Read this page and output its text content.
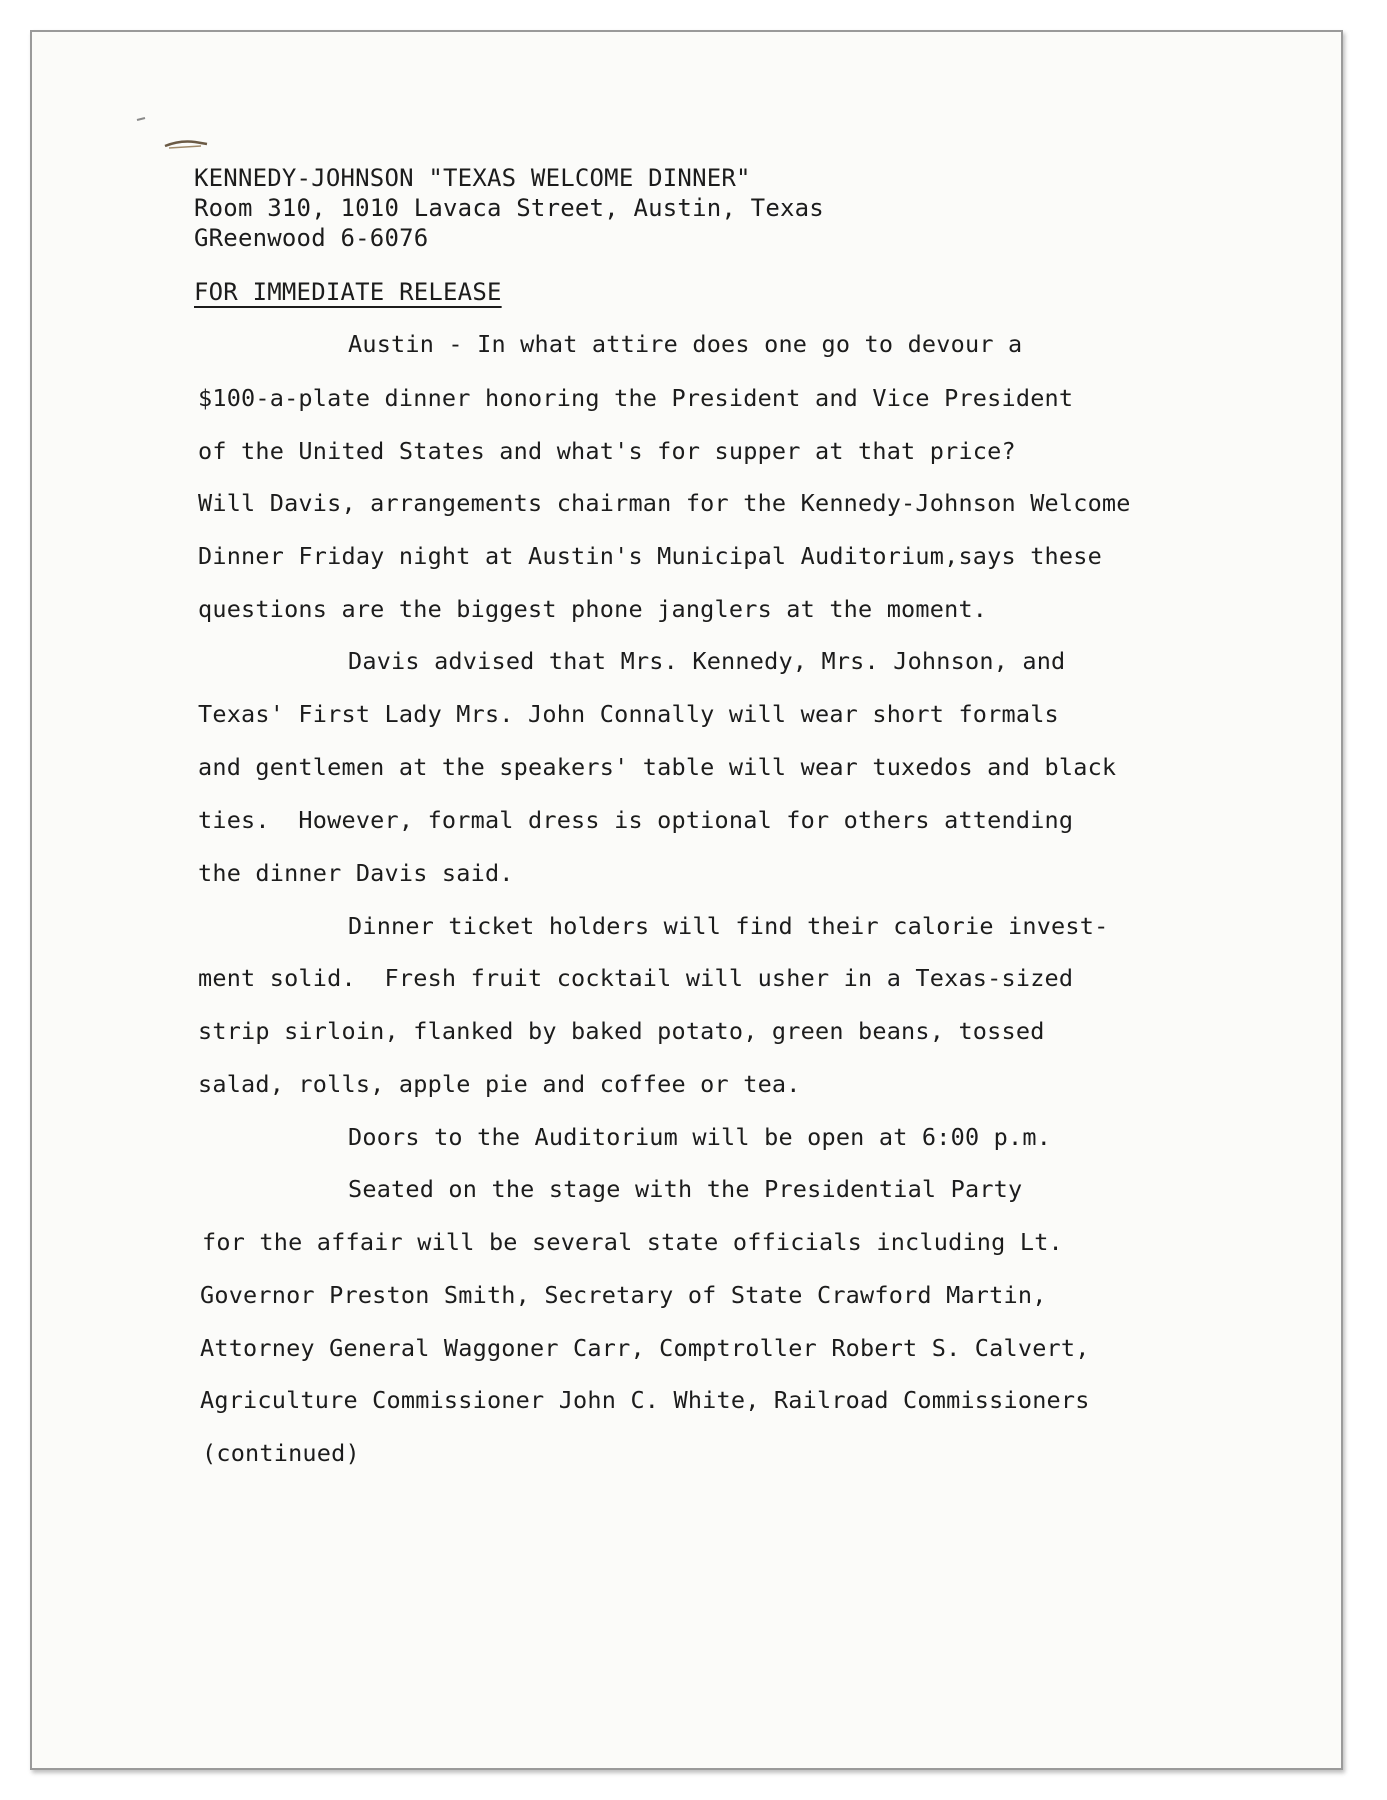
KENNEDY-JOHNSON "TEXAS WELCOME DINNER"
Room 310, 1010 Lavaca Street, Austin, Texas
GReenwood 6-6076
FOR IMMEDIATE RELEASE
Austin - In what attire does one go to devour a
$100-a-plate dinner honoring the President and Vice President
of the United States and what's for supper at that price?
Will Davis, arrangements chairman for the Kennedy-Johnson Welcome
Dinner Friday night at Austin's Municipal Auditorium,says these
questions are the biggest phone janglers at the moment.
Davis advised that Mrs. Kennedy, Mrs. Johnson, and
Texas' First Lady Mrs. John Connally will wear short formals
and gentlemen at the speakers' table will wear tuxedos and black
ties.  However, formal dress is optional for others attending
the dinner Davis said.
Dinner ticket holders will find their calorie invest-
ment solid.  Fresh fruit cocktail will usher in a Texas-sized
strip sirloin, flanked by baked potato, green beans, tossed
salad, rolls, apple pie and coffee or tea.
Doors to the Auditorium will be open at 6:00 p.m.
Seated on the stage with the Presidential Party
for the affair will be several state officials including Lt.
Governor Preston Smith, Secretary of State Crawford Martin,
Attorney General Waggoner Carr, Comptroller Robert S. Calvert,
Agriculture Commissioner John C. White, Railroad Commissioners
(continued)
